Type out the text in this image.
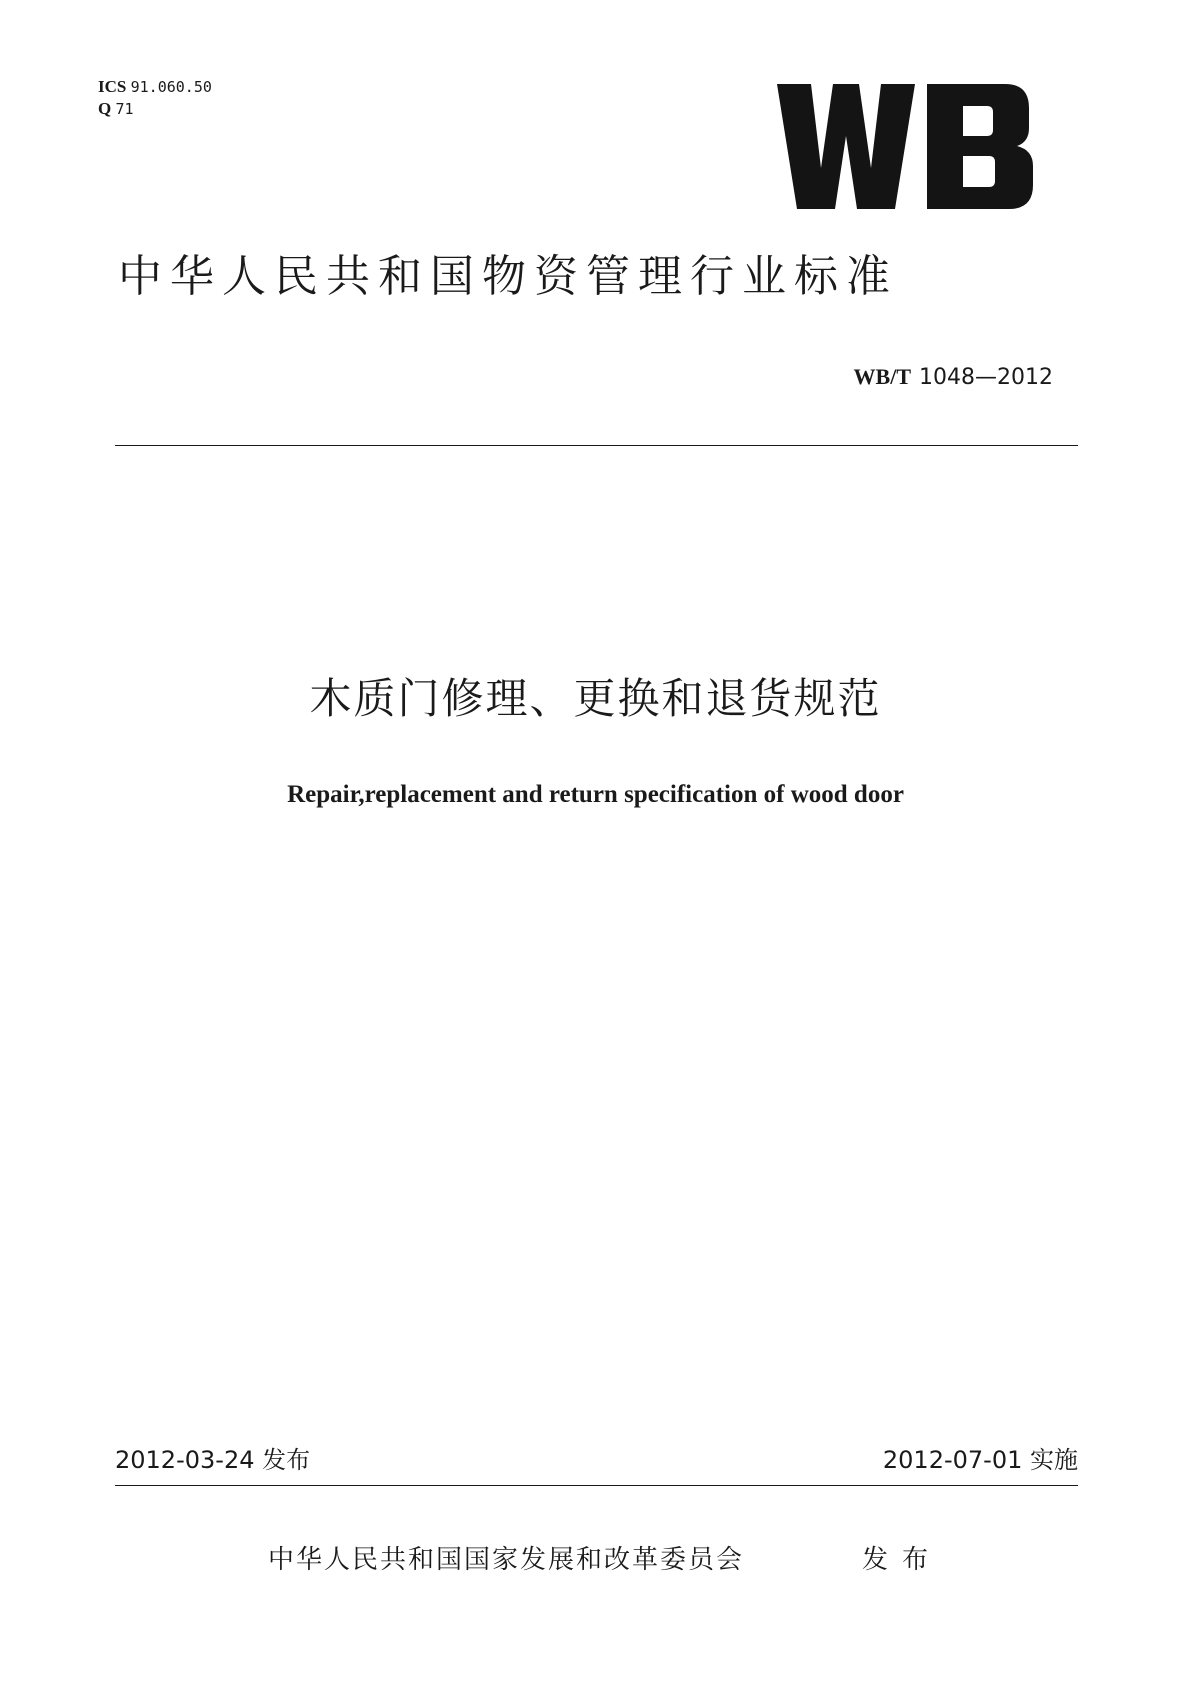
ICS 91.060.50
Q 71
中华人民共和国物资管理行业标准
WB/T 1048—2012
木质门修理、更换和退货规范
Repair,replacement and return specification of wood door
2012-03-24 发布	2012-07-01 实施
中华人民共和国国家发展和改革委员会	发布
